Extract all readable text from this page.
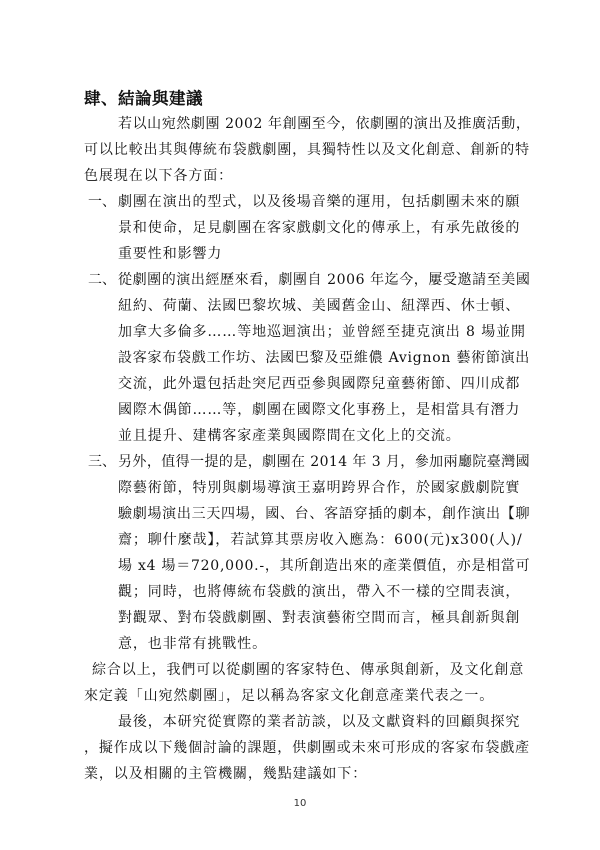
肆、結論與建議
若以山宛然劇團 2002 年創團至今，依劇團的演出及推廣活動，
可以比較出其與傳統布袋戲劇團，具獨特性以及文化創意、創新的特
色展現在以下各方面：
一、 劇團在演出的型式，以及後場音樂的運用，包括劇團未來的願
景和使命，足見劇團在客家戲劇文化的傳承上，有承先啟後的
重要性和影響力
二、 從劇團的演出經歷來看，劇團自 2006 年迄今，屢受邀請至美國
紐約、荷蘭、法國巴黎坎城、美國舊金山、紐澤西、休士頓、
加拿大多倫多……等地巡迴演出；並曾經至捷克演出 8 場並開
設客家布袋戲工作坊、法國巴黎及亞維儂 Avignon 藝術節演出
交流，此外還包括赴突尼西亞參與國際兒童藝術節、四川成都
國際木偶節……等，劇團在國際文化事務上，是相當具有潛力
並且提升、建構客家產業與國際間在文化上的交流。
三、 另外，值得一提的是，劇團在 2014 年 3 月，參加兩廳院臺灣國
際藝術節，特別與劇場導演王嘉明跨界合作，於國家戲劇院實
驗劇場演出三天四場，國、台、客語穿插的劇本，創作演出【聊
齋；聊什麼哉】，若試算其票房收入應為：600(元)x300(人)/
場 x4 場＝720,000.-，其所創造出來的產業價值，亦是相當可
觀；同時，也將傳統布袋戲的演出，帶入不一樣的空間表演，
對觀眾、對布袋戲劇團、對表演藝術空間而言，極具創新與創
意，也非常有挑戰性。
綜合以上，我們可以從劇團的客家特色、傳承與創新，及文化創意
來定義「山宛然劇團」，足以稱為客家文化創意產業代表之一。
最後，本研究從實際的業者訪談，以及文獻資料的回顧與探究
，擬作成以下幾個討論的課題，供劇團或未來可形成的客家布袋戲產
業，以及相關的主管機關，幾點建議如下：
10
